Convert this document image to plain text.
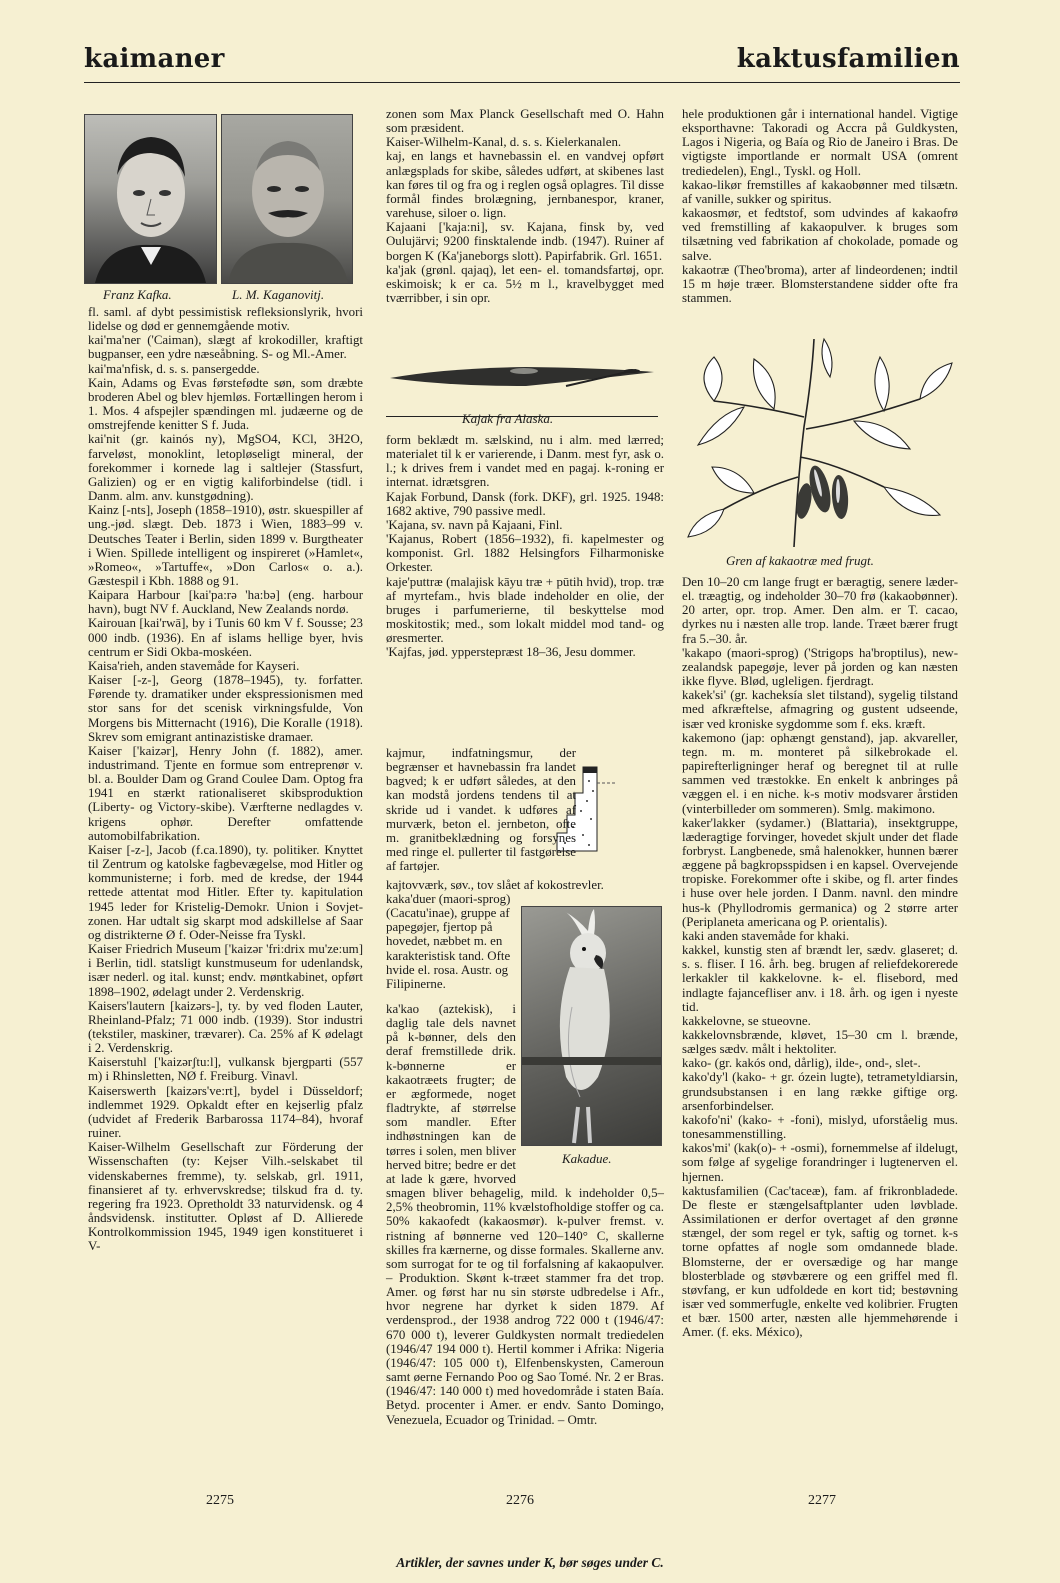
kaimaner	kaktusfamilien
Franz Kafka.	L. M. Kaganovitj.

fl. saml. af dybt pessimistisk refleksionslyrik, hvori lidelse og død er gennemgående motiv.

kai'ma'ner ('Caiman), slægt af krokodiller, kraftigt bugpanser, een ydre næseåbning. S- og Ml.-Amer.

kai'ma'nfisk, d. s. s. pansergedde.

Kain, Adams og Evas førstefødte søn, som dræbte broderen Abel og blev hjemløs. Fortællingen herom i 1. Mos. 4 afspejler spændingen ml. judæerne og de omstrejfende kenitter S f. Juda.

kai'nit (gr. kainós ny), MgSO4, KCl, 3H2O, farveløst, monoklint, letopløseligt mineral, der forekommer i kornede lag i saltlejer (Stassfurt, Galizien) og er en vigtig kaliforbindelse (tidl. i Danm. alm. anv. kunstgødning).

Kainz [-nts], Joseph (1858–1910), østr. skuespiller af ung.-jød. slægt. Deb. 1873 i Wien, 1883–99 v. Deutsches Teater i Berlin, siden 1899 v. Burgtheater i Wien. Spillede intelligent og inspireret (»Hamlet«, »Romeo«, »Tartuffe«, »Don Carlos« o. a.). Gæstespil i Kbh. 1888 og 91.

Kaipara Harbour [kai'pa:rə 'ha:bə] (eng. harbour havn), bugt NV f. Auckland, New Zealands nordø.

Kairouan [kai'rwā], by i Tunis 60 km V f. Sousse; 23 000 indb. (1936). En af islams hellige byer, hvis centrum er Sidi Okba-moskéen.

Kaisa'rieh, anden stavemåde for Kayseri.

Kaiser [-z-], Georg (1878–1945), ty. forfatter. Førende ty. dramatiker under ekspressionismen med stor sans for det scenisk virkningsfulde, Von Morgens bis Mitternacht (1916), Die Koralle (1918). Skrev som emigrant antinazistiske dramaer.

Kaiser ['kaizər], Henry John (f. 1882), amer. industrimand. Tjente en formue som entreprenør v. bl. a. Boulder Dam og Grand Coulee Dam. Optog fra 1941 en stærkt rationaliseret skibsproduktion (Liberty- og Victory-skibe). Værfterne nedlagdes v. krigens ophør. Derefter omfattende automobilfabrikation.

Kaiser [-z-], Jacob (f.ca.1890), ty. politiker. Knyttet til Zentrum og katolske fagbevægelse, mod Hitler og kommunisterne; i forb. med de kredse, der 1944 rettede attentat mod Hitler. Efter ty. kapitulation 1945 leder for Kristelig-Demokr. Union i Sovjet-zonen. Har udtalt sig skarpt mod adskillelse af Saar og distrikterne Ø f. Oder-Neisse fra Tyskl.

Kaiser Friedrich Museum ['kaizər 'fri:drix mu'ze:um] i Berlin, tidl. statsligt kunstmuseum for udenlandsk, især nederl. og ital. kunst; endv. møntkabinet, opført 1898–1902, ødelagt under 2. Verdenskrig.

Kaisers'lautern [kaizərs-], ty. by ved floden Lauter, Rheinland-Pfalz; 71 000 indb. (1939). Stor industri (tekstiler, maskiner, trævarer). Ca. 25% af K ødelagt i 2. Verdenskrig.

Kaiserstuhl ['kaizərʃtu:l], vulkansk bjergparti (557 m) i Rhinsletten, NØ f. Freiburg. Vinavl.

Kaiserswerth [kaizərs've:rt], bydel i Düsseldorf; indlemmet 1929. Opkaldt efter en kejserlig pfalz (udvidet af Frederik Barbarossa 1174–84), hvoraf ruiner.

Kaiser-Wilhelm Gesellschaft zur Förderung der Wissenschaften (ty: Kejser Vilh.-selskabet til videnskabernes fremme), ty. selskab, grl. 1911, finansieret af ty. erhvervskredse; tilskud fra d. ty. regering fra 1923. Opretholdt 33 naturvidensk. og 4 åndsvidensk. institutter. Opløst af D. Allierede Kontrolkommission 1945, 1949 igen konstitueret i V-

zonen som Max Planck Gesellschaft med O. Hahn som præsident.

Kaiser-Wilhelm-Kanal, d. s. s. Kielerkanalen.

kaj, en langs et havnebassin el. en vandvej opført anlægsplads for skibe, således udført, at skibenes last kan føres til og fra og i reglen også oplagres. Til disse formål findes brolægning, jernbanespor, kraner, varehuse, siloer o. lign.

Kajaani ['kaja:ni], sv. Kajana, finsk by, ved Oulujärvi; 9200 finsktalende indb. (1947). Ruiner af borgen K (Ka'janeborgs slott). Papirfabrik. Grl. 1651.

ka'jak (grønl. qajaq), let een- el. tomandsfartøj, opr. eskimoisk; k er ca. 5½ m l., kravelbygget med tværribber, i sin opr.

Kajak fra Alaska.

form beklædt m. sælskind, nu i alm. med lærred; materialet til k er varierende, i Danm. mest fyr, ask o. l.; k drives frem i vandet med en pagaj. k-roning er internat. idrætsgren.

Kajak Forbund, Dansk (fork. DKF), grl. 1925. 1948: 1682 aktive, 790 passive medl.

'Kajana, sv. navn på Kajaani, Finl.

'Kajanus, Robert (1856–1932), fi. kapelmester og komponist. Grl. 1882 Helsingfors Filharmoniske Orkester.

kaje'puttræ (malajisk kāyu træ + pūtih hvid), trop. træ af myrtefam., hvis blade indeholder en olie, der bruges i parfumerierne, til beskyttelse mod moskitostik; med., som lokalt middel mod tand- og øresmerter.

'Kajfas, jød. ypperstepræst 18–36, Jesu dommer.

kajmur, indfatningsmur, der begrænser et havnebassin fra landet bagved; k er udført således, at den kan modstå jordens tendens til at skride ud i vandet. k udføres af murværk, beton el. jernbeton, ofte m. granitbeklædning og forsynes med ringe el. pullerter til fastgørelse af fartøjer.

kajtovværk, søv., tov slået af kokostrevler.
Kakadue.
kaka'duer (maori-sprog) (Cacatu'inae), gruppe af papegøjer, fjertop på hovedet, næbbet m. en karakteristisk tand. Ofte hvide el. rosa. Austr. og Filipinerne.

ka'kao (aztekisk), i daglig tale dels navnet på k-bønner, dels den deraf fremstillede drik. k-bønnerne er kakaotræets frugter; de er ægformede, noget fladtrykte, af størrelse som mandler. Efter indhøstningen kan de tørres i solen, men bliver herved bitre; bedre er det at lade k gære, hvorved smagen bliver behagelig, mild. k indeholder 0,5–2,5% theobromin, 11% kvælstofholdige stoffer og ca. 50% kakaofedt (kakaosmør). k-pulver fremst. v. ristning af bønnerne ved 120–140° C, skallerne skilles fra kærnerne, og disse formales. Skallerne anv. som surrogat for te og til forfalsning af kakaopulver. – Produktion. Skønt k-træet stammer fra det trop. Amer. og først har nu sin største udbredelse i Afr., hvor negrene har dyrket k siden 1879. Af verdensprod., der 1938 androg 722 000 t (1946/47: 670 000 t), leverer Guldkysten normalt trediedelen (1946/47 194 000 t). Hertil kommer i Afrika: Nigeria (1946/47: 105 000 t), Elfenbenskysten, Cameroun samt øerne Fernando Poo og Sao Tomé. Nr. 2 er Bras. (1946/47: 140 000 t) med hovedområde i staten Baía. Betyd. procenter i Amer. er endv. Santo Domingo, Venezuela, Ecuador og Trinidad. – Omtr.

hele produktionen går i international handel. Vigtige eksporthavne: Takoradi og Accra på Guldkysten, Lagos i Nigeria, og Baía og Rio de Janeiro i Bras. De vigtigste importlande er normalt USA (omrent trediedelen), Engl., Tyskl. og Holl.

kakao-likør fremstilles af kakaobønner med tilsætn. af vanille, sukker og spiritus.

kakaosmør, et fedtstof, som udvindes af kakaofrø ved fremstilling af kakaopulver. k bruges som tilsætning ved fabrikation af chokolade, pomade og salve.

kakaotræ (Theo'broma), arter af lindeordenen; indtil 15 m høje træer. Blomsterstandene sidder ofte fra stammen.

Gren af kakaotræ med frugt.

Den 10–20 cm lange frugt er bæragtig, senere læder- el. træagtig, og indeholder 30–70 frø (kakaobønner). 20 arter, opr. trop. Amer. Den alm. er T. cacao, dyrkes nu i næsten alle trop. lande. Træet bærer frugt fra 5.–30. år.

'kakapo (maori-sprog) ('Strigops ha'broptilus), new-zealandsk papegøje, lever på jorden og kan næsten ikke flyve. Blød, ugleligen. fjerdragt.

kakek'si' (gr. kacheksía slet tilstand), sygelig tilstand med afkræftelse, afmagring og gustent udseende, især ved kroniske sygdomme som f. eks. kræft.

kakemono (jap: ophængt genstand), jap. akvareller, tegn. m. m. monteret på silkebrokade el. papirefterligninger heraf og beregnet til at rulle sammen ved træstokke. En enkelt k anbringes på væggen el. i en niche. k-s motiv modsvarer årstiden (vinterbilleder om sommeren). Smlg. makimono.

kaker'lakker (sydamer.) (Blattaria), insektgruppe, læderagtige forvinger, hovedet skjult under det flade forbryst. Langbenede, små halenokker, hunnen bærer æggene på bagkropsspidsen i en kapsel. Overvejende tropiske. Forekommer ofte i skibe, og fl. arter findes i huse over hele jorden. I Danm. navnl. den mindre hus-k (Phyllodromis germanica) og 2 større arter (Periplaneta americana og P. orientalis).

kaki anden stavemåde for khaki.

kakkel, kunstig sten af brændt ler, sædv. glaseret; d. s. s. fliser. I 16. årh. beg. brugen af reliefdekorerede lerkakler til kakkelovne. k- el. flisebord, med indlagte fajancefliser anv. i 18. årh. og igen i nyeste tid.

kakkelovne, se stueovne.

kakkelovnsbrænde, kløvet, 15–30 cm l. brænde, sælges sædv. målt i hektoliter.

kako- (gr. kakós ond, dårlig), ilde-, ond-, slet-.

kako'dy'l (kako- + gr. ózein lugte), tetrametyldiarsin, grundsubstansen i en lang række giftige org. arsenforbindelser.

kakofo'ni' (kako- + -foni), mislyd, uforståelig mus. tonesammenstilling.

kakos'mi' (kak(o)- + -osmi), fornemmelse af ildelugt, som følge af sygelige forandringer i lugtenerven el. hjernen.

kaktusfamilien (Cac'taceæ), fam. af frikronbladede. De fleste er stængelsaftplanter uden løvblade. Assimilationen er derfor overtaget af den grønne stængel, der som regel er tyk, saftig og tornet. k-s torne opfattes af nogle som omdannede blade. Blomsterne, der er oversædige og har mange blosterblade og støvbærere og een griffel med fl. støvfang, er kun udfoldede en kort tid; bestøvning især ved sommerfugle, enkelte ved kolibrier. Frugten et bær. 1500 arter, næsten alle hjemmehørende i Amer. (f. eks. México),

2275	2276	2277
Artikler, der savnes under K, bør søges under C.
